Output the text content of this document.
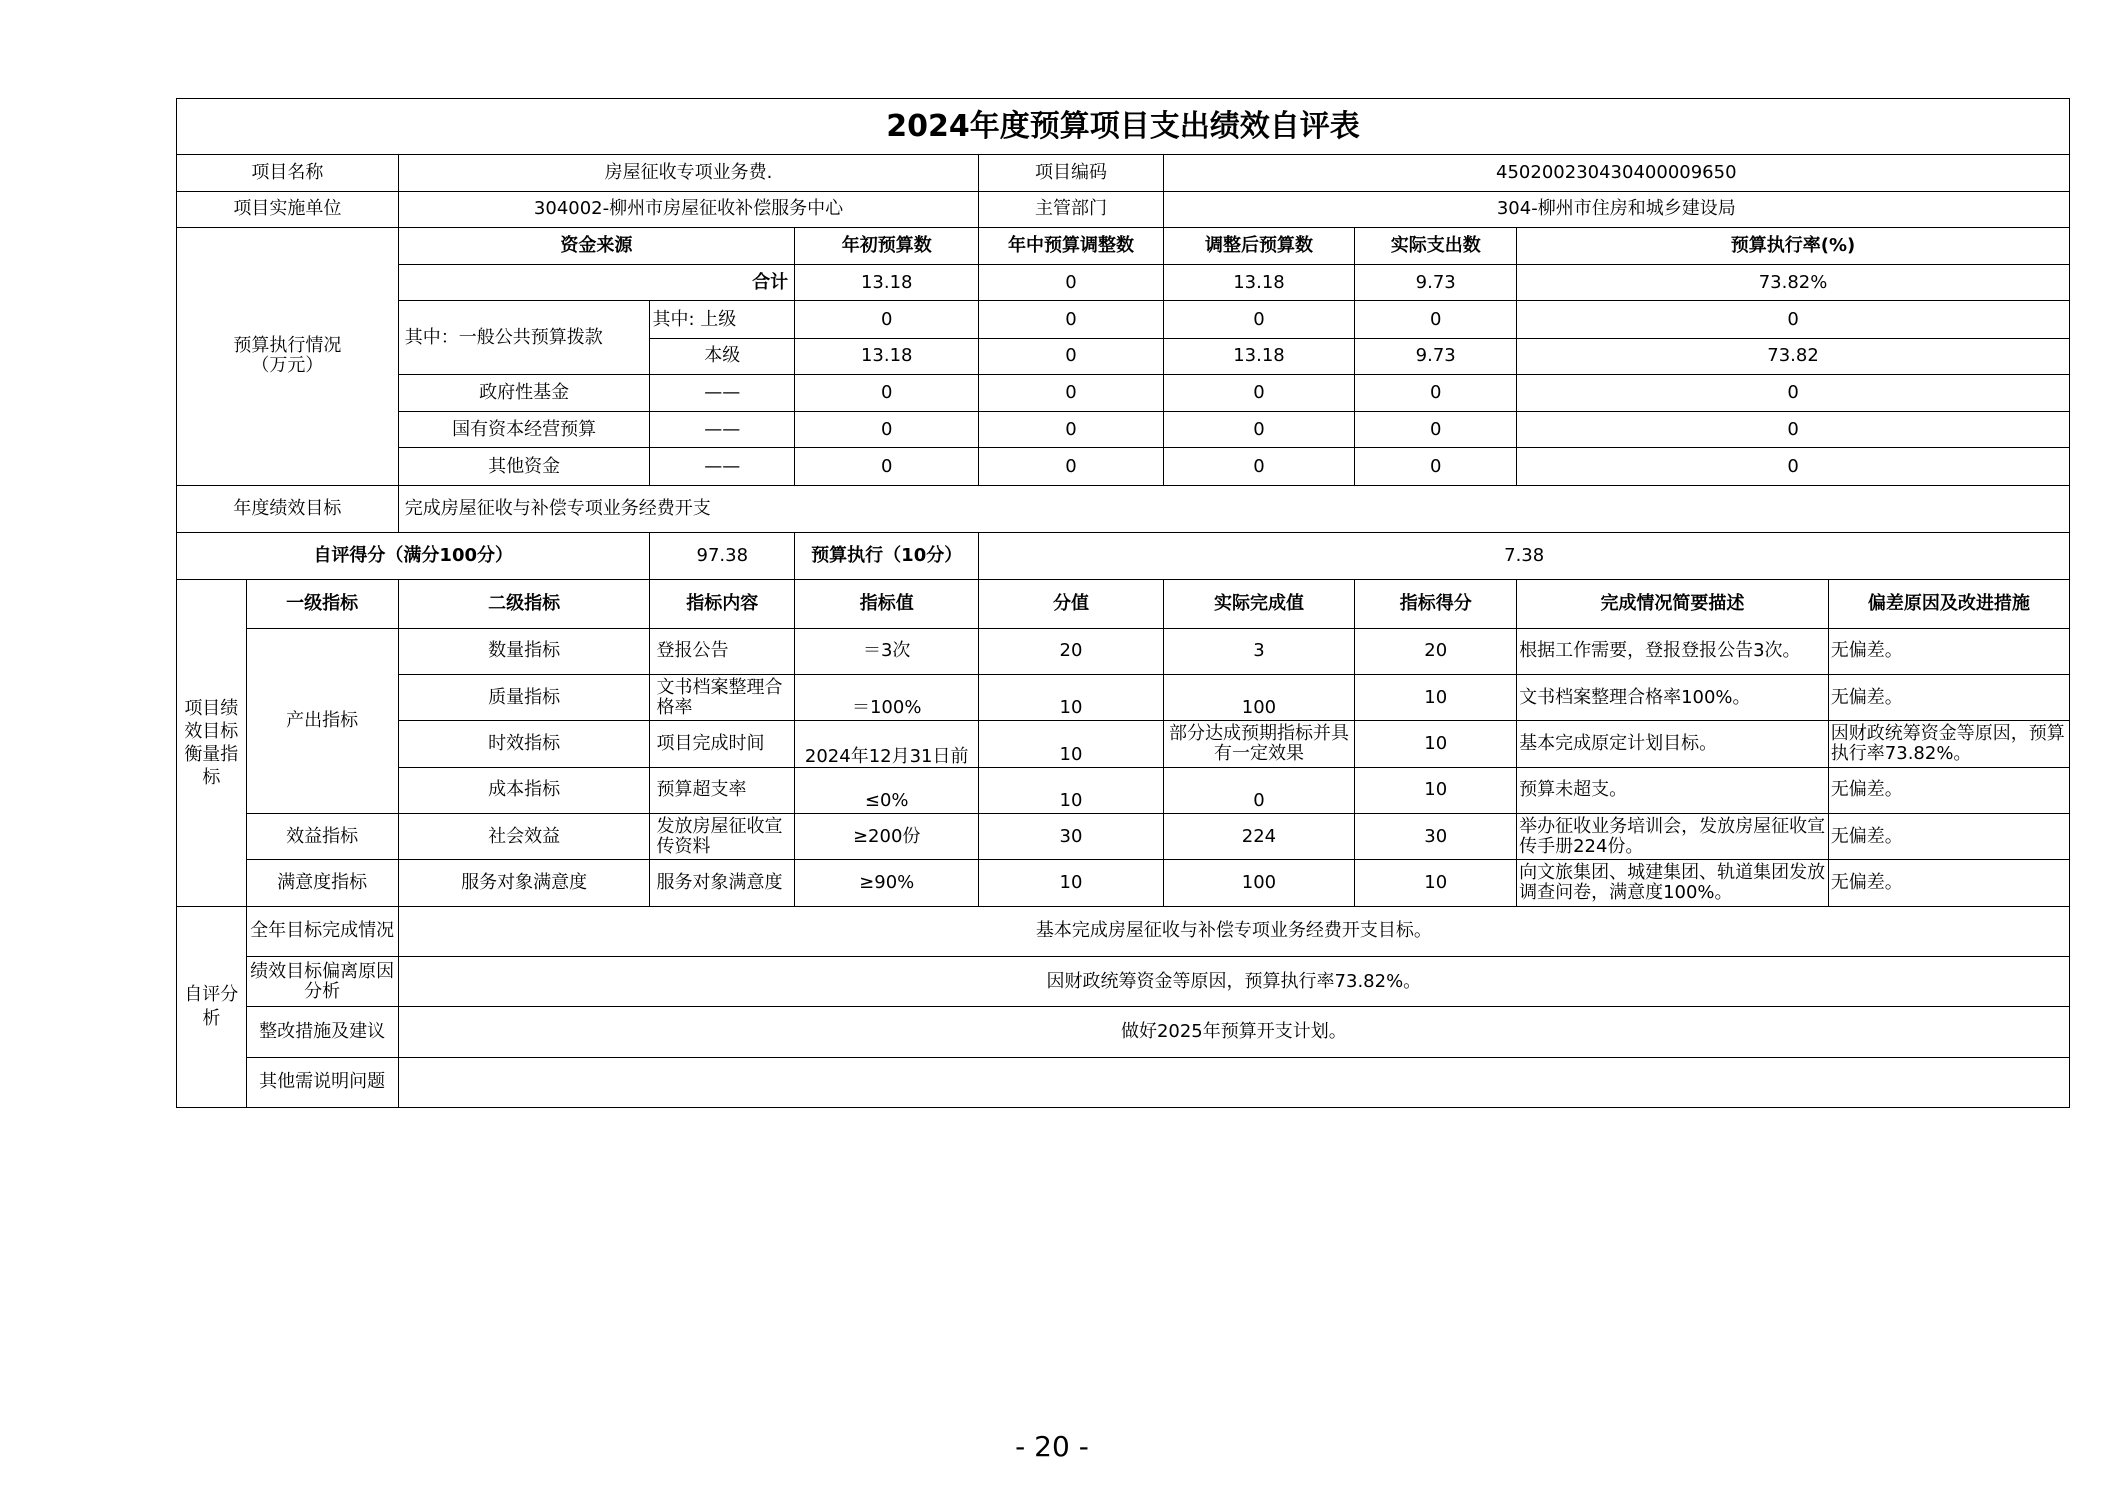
2024年度预算项目支出绩效自评表									
项目名称		房屋征收专项业务费.			项目编码	450200230430400009650			
项目实施单位		304002-柳州市房屋征收补偿服务中心			主管部门	304-柳州市住房和城乡建设局			
预算执行情况
（万元）		资金来源		年初预算数	年中预算调整数	调整后预算数	实际支出数	预算执行率(%)	
		合计		13.18	0	13.18	9.73	73.82%	
		其中：一般公共预算拨款	其中: 上级	0	0	0	0	0	
			本级	13.18	0	13.18	9.73	73.82	
		政府性基金	——	0	0	0	0	0	
		国有资本经营预算	——	0	0	0	0	0	
		其他资金	——	0	0	0	0	0	
年度绩效目标		完成房屋征收与补偿专项业务经费开支							
自评得分（满分100分）			97.38	预算执行（10分）	7.38				
项目绩效目标衡量指标	一级指标	二级指标	指标内容	指标值	分值	实际完成值	指标得分	完成情况简要描述	偏差原因及改进措施
	产出指标	数量指标	登报公告	＝3次	20	3	20	根据工作需要，登报登报公告3次。	无偏差。
		质量指标	文书档案整理合格率	＝100%	10	100	10	文书档案整理合格率100%。	无偏差。
		时效指标	项目完成时间	2024年12月31日前	10	部分达成预期指标并具有一定效果	10	基本完成原定计划目标。	因财政统筹资金等原因，预算执行率73.82%。
		成本指标	预算超支率	≤0%	10	0	10	预算未超支。	无偏差。
	效益指标	社会效益	发放房屋征收宣传资料	≥200份	30	224	30	举办征收业务培训会，发放房屋征收宣传手册224份。	无偏差。
	满意度指标	服务对象满意度	服务对象满意度	≥90%	10	100	10	向文旅集团、城建集团、轨道集团发放调查问卷，满意度100%。	无偏差。
自评分析	全年目标完成情况	基本完成房屋征收与补偿专项业务经费开支目标。							
	绩效目标偏离原因分析	因财政统筹资金等原因，预算执行率73.82%。							
	整改措施及建议	做好2025年预算开支计划。							
	其他需说明问题								
- 20 -
